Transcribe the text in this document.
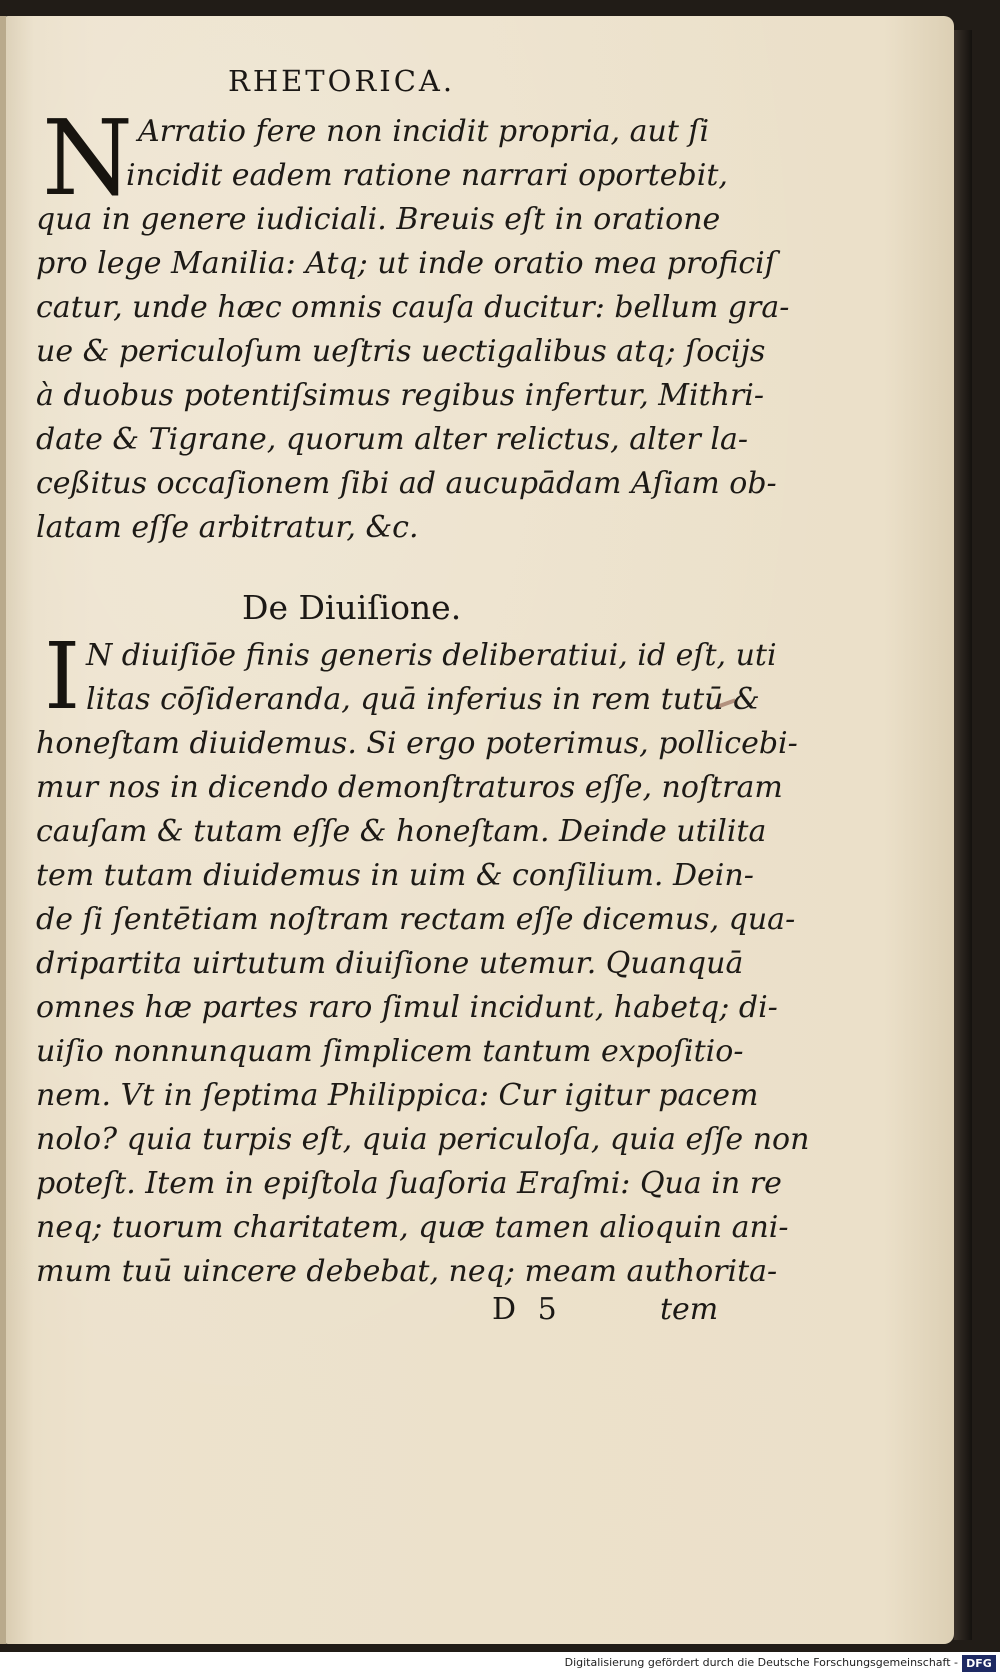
RHETORICA.
N Arratio fere non incidit propria, aut ſi
incidit eadem ratione narrari oportebit,
qua in genere iudiciali. Breuis eſt in oratione
pro lege Manilia: Atq; ut inde oratio mea proficiſ
catur, unde hæc omnis cauſa ducitur: bellum gra-
ue & periculoſum ueſtris uectigalibus atq; ſocijs
à duobus potentiſsimus regibus infertur, Mithri-
date & Tigrane, quorum alter relictus, alter la-
ceßitus occaſionem ſibi ad aucupādam Aſiam ob-
latam eſſe arbitratur, &c.
De Diuiſione.
I N diuiſiōe finis generis deliberatiui, id eſt, uti
litas cōſideranda, quā inferius in rem tutū &
honeſtam diuidemus. Si ergo poterimus, pollicebi-
mur nos in dicendo demonſtraturos eſſe, noſtram
cauſam & tutam eſſe & honeſtam. Deinde utilita
tem tutam diuidemus in uim & conſilium. Dein-
de ſi ſentētiam noſtram rectam eſſe dicemus, qua-
dripartita uirtutum diuiſione utemur. Quanquā
omnes hæ partes raro ſimul incidunt, habetq; di-
uiſio nonnunquam ſimplicem tantum expoſitio-
nem. Vt in ſeptima Philippica: Cur igitur pacem
nolo? quia turpis eſt, quia periculoſa, quia eſſe non
poteſt. Item in epiſtola ſuaſoria Eraſmi: Qua in re
neq; tuorum charitatem, quæ tamen alioquin ani-
mum tuū uincere debebat, neq; meam authorita-
D 5	tem
Digitalisierung gefördert durch die Deutsche Forschungsgemeinschaft - DFG
